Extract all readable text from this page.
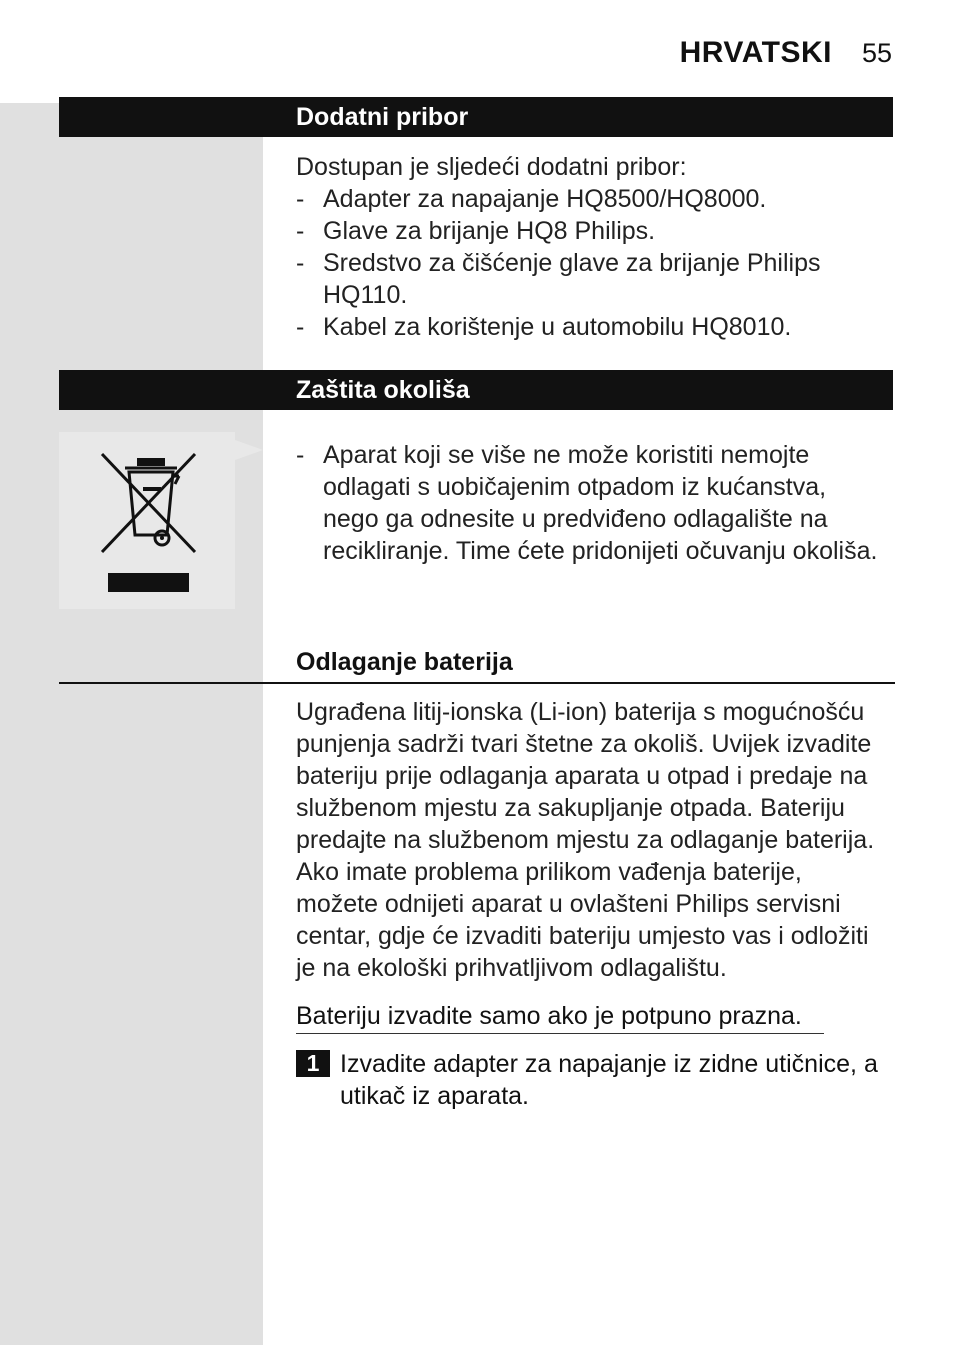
HRVATSKI 55
Dodatni pribor
Dostupan je sljedeći dodatni pribor:
- Adapter za napajanje HQ8500/HQ8000.
- Glave za brijanje HQ8 Philips.
- Sredstvo za čišćenje glave za brijanje Philips HQ110.
- Kabel za korištenje u automobilu HQ8010.
Zaštita okoliša
- Aparat koji se više ne može koristiti nemojte odlagati s uobičajenim otpadom iz kućanstva, nego ga odnesite u predviđeno odlagalište na recikliranje. Time ćete pridonijeti očuvanju okoliša.
Odlaganje baterija
Ugrađena litij-ionska (Li-ion) baterija s mogućnošću punjenja sadrži tvari štetne za okoliš. Uvijek izvadite bateriju prije odlaganja aparata u otpad i predaje na službenom mjestu za sakupljanje otpada. Bateriju predajte na službenom mjestu za odlaganje baterija. Ako imate problema prilikom vađenja baterije, možete odnijeti aparat u ovlašteni Philips servisni centar, gdje će izvaditi bateriju umjesto vas i odložiti je na ekološki prihvatljivom odlagalištu.
Bateriju izvadite samo ako je potpuno prazna.
1 Izvadite adapter za napajanje iz zidne utičnice, a utikač iz aparata.
